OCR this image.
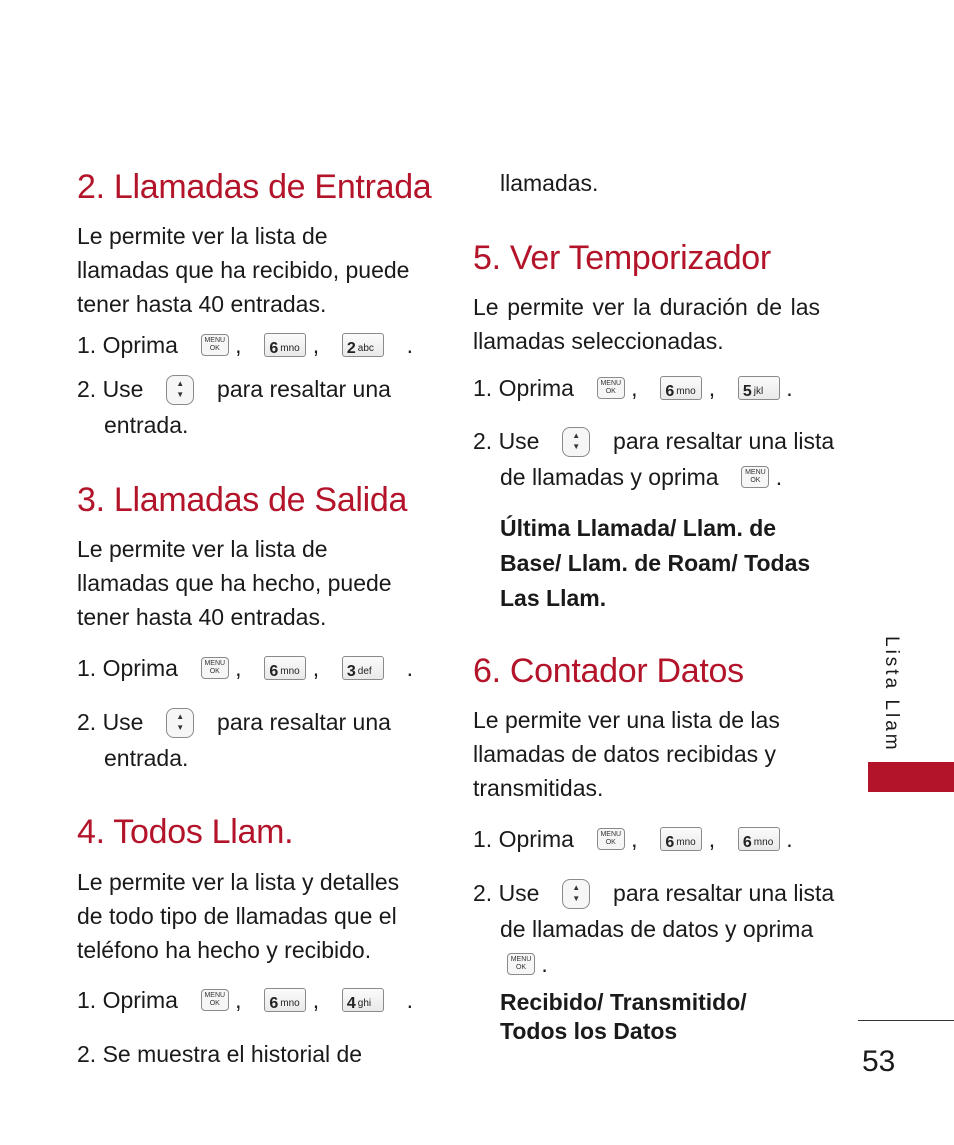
2. Llamadas de Entrada
Le permite ver la lista de
llamadas que ha recibido, puede
tener hasta 40 entradas.
1. Oprima	MENU
OK , 6 mno , 2 abc .
2. Use	▲
▼ para resaltar una
entrada.
3. Llamadas de Salida
Le permite ver la lista de
llamadas que ha hecho, puede
tener hasta 40 entradas.
1. Oprima	MENU
OK , 6 mno , 3 def .
2. Use	▲
▼ para resaltar una
entrada.
4. Todos Llam.
Le permite ver la lista y detalles
de todo tipo de llamadas que el
teléfono ha hecho y recibido.
1. Oprima	MENU
OK , 6 mno , 4 ghi .
2. Se muestra el historial de
llamadas.
5. Ver Temporizador
Le permite ver la duración de las
llamadas seleccionadas.
1. Oprima	MENU
OK , 6 mno , 5 jkl .
2. Use	▲
▼ para resaltar una lista
de llamadas y oprima	MENU
OK .
Última Llamada/ Llam. de
Base/ Llam. de Roam/ Todas
Las Llam.
6. Contador Datos
Le permite ver una lista de las
llamadas de datos recibidas y
transmitidas.
1. Oprima	MENU
OK , 6 mno , 6 mno .
2. Use	▲
▼ para resaltar una lista
de llamadas de datos y oprima
MENU
OK .
Recibido/ Transmitido/
Todos los Datos
Lista Llam
53
